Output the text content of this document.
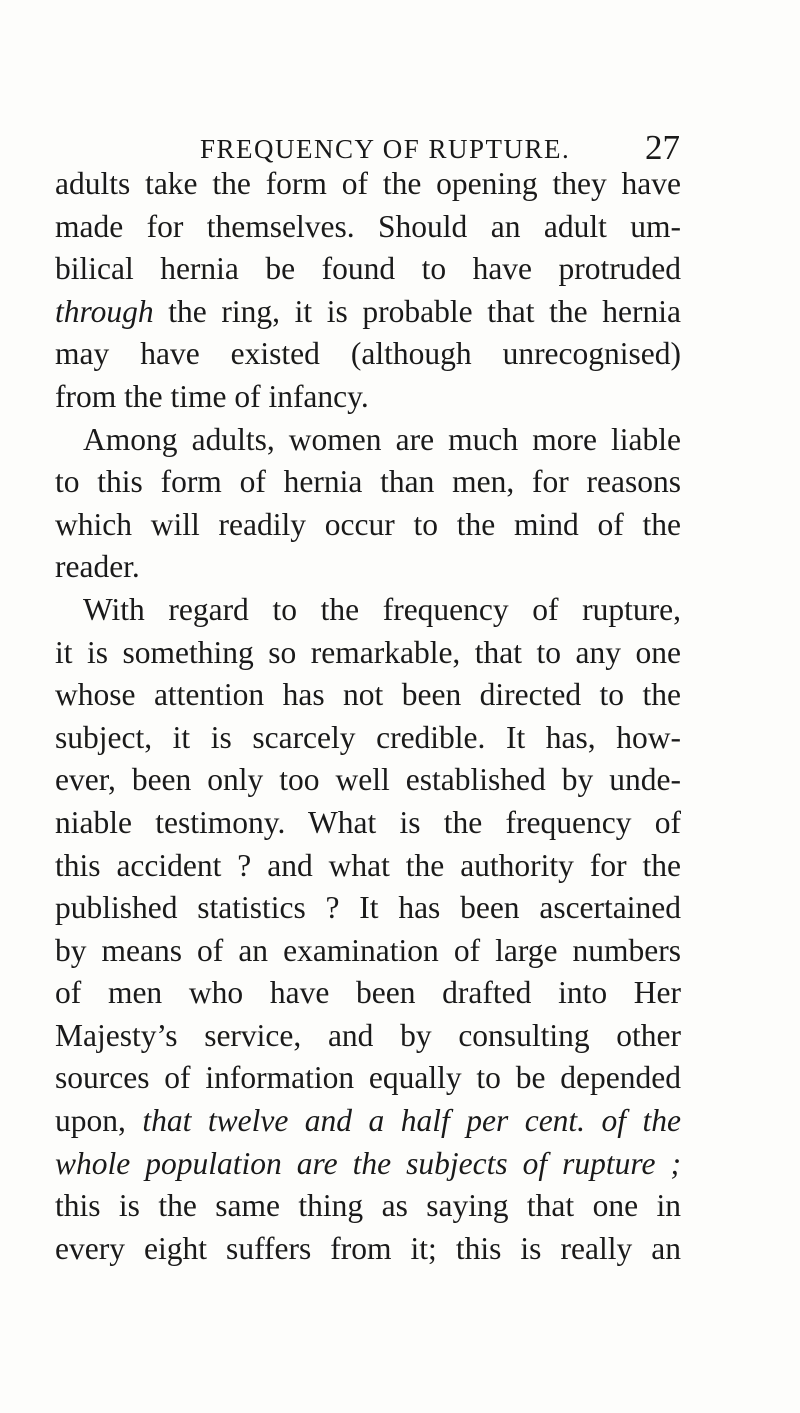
FREQUENCY OF RUPTURE. 27
adults take the form of the opening they have
made for themselves. Should an adult um-
bilical hernia be found to have protruded
through the ring, it is probable that the hernia
may have existed (although unrecognised)
from the time of infancy.
Among adults, women are much more liable
to this form of hernia than men, for reasons
which will readily occur to the mind of the
reader.
With regard to the frequency of rupture,
it is something so remarkable, that to any one
whose attention has not been directed to the
subject, it is scarcely credible. It has, how-
ever, been only too well established by unde-
niable testimony. What is the frequency of
this accident ? and what the authority for the
published statistics ? It has been ascertained
by means of an examination of large numbers
of men who have been drafted into Her
Majesty’s service, and by consulting other
sources of information equally to be depended
upon, that twelve and a half per cent. of the
whole population are the subjects of rupture ;
this is the same thing as saying that one in
every eight suffers from it; this is really an
